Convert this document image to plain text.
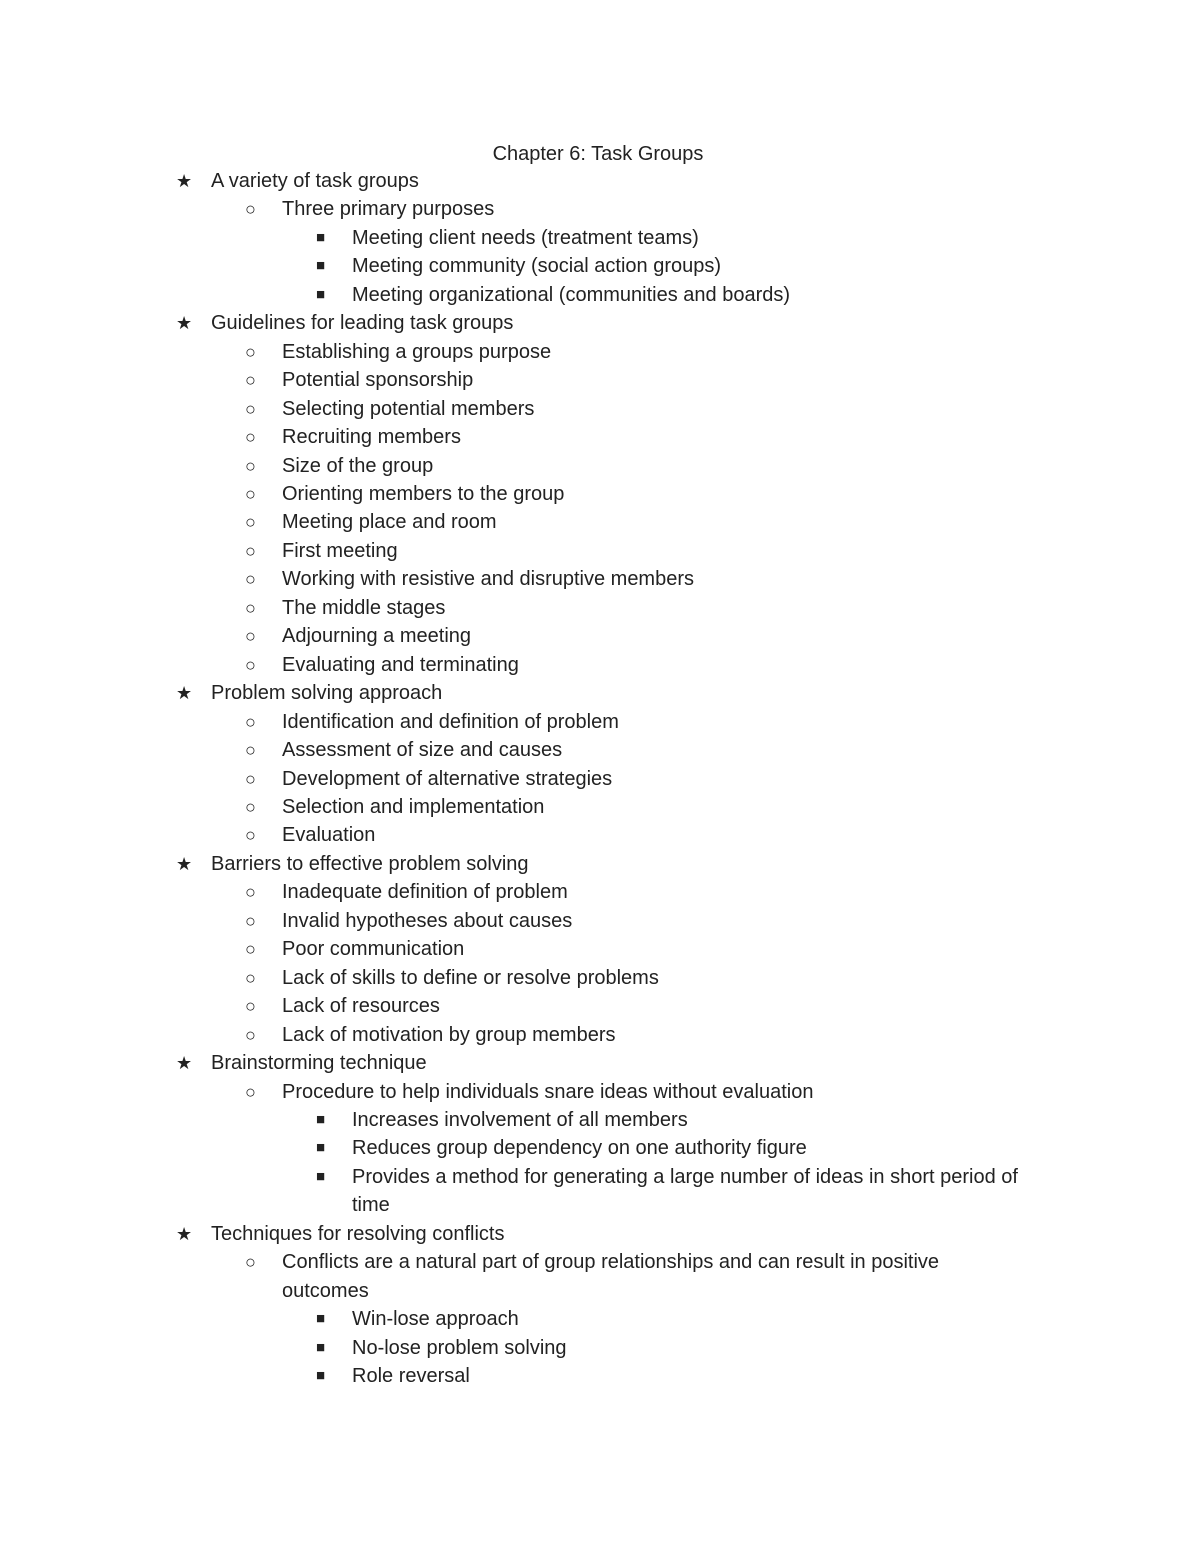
Chapter 6: Task Groups
★ A variety of task groups
○ Three primary purposes
■ Meeting client needs (treatment teams)
■ Meeting community (social action groups)
■ Meeting organizational (communities and boards)
★ Guidelines for leading task groups
○ Establishing a groups purpose
○ Potential sponsorship
○ Selecting potential members
○ Recruiting members
○ Size of the group
○ Orienting members to the group
○ Meeting place and room
○ First meeting
○ Working with resistive and disruptive members
○ The middle stages
○ Adjourning a meeting
○ Evaluating and terminating
★ Problem solving approach
○ Identification and definition of problem
○ Assessment of size and causes
○ Development of alternative strategies
○ Selection and implementation
○ Evaluation
★ Barriers to effective problem solving
○ Inadequate definition of problem
○ Invalid hypotheses about causes
○ Poor communication
○ Lack of skills to define or resolve problems
○ Lack of resources
○ Lack of motivation by group members
★ Brainstorming technique
○ Procedure to help individuals snare ideas without evaluation
■ Increases involvement of all members
■ Reduces group dependency on one authority figure
■ Provides a method for generating a large number of ideas in short period of time
★ Techniques for resolving conflicts
○ Conflicts are a natural part of group relationships and can result in positive outcomes
■ Win-lose approach
■ No-lose problem solving
■ Role reversal
